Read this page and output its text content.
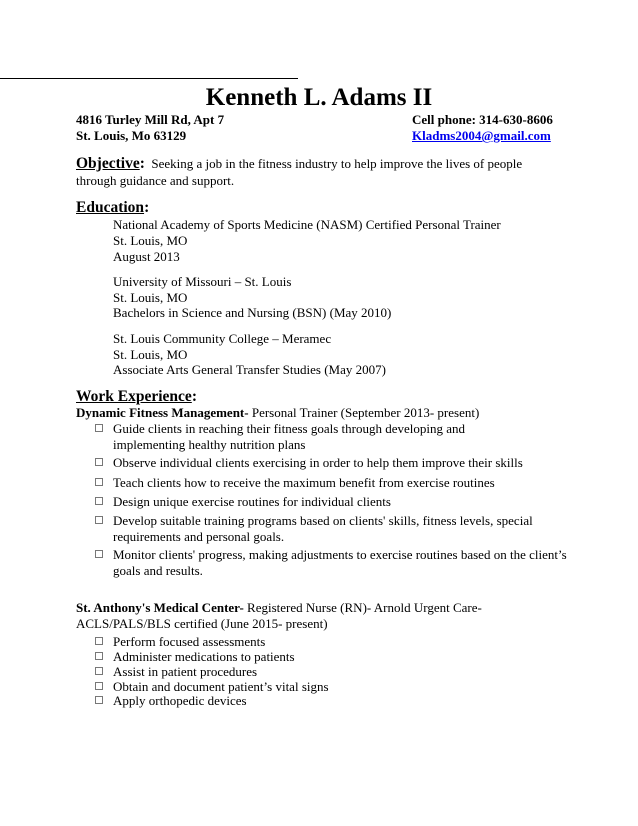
Kenneth L. Adams II
4816 Turley Mill Rd, Apt 7
St. Louis, Mo 63129
Cell phone: 314-630-8606
Kladms2004@gmail.com
Objective: Seeking a job in the fitness industry to help improve the lives of people through guidance and support.
Education:
National Academy of Sports Medicine (NASM) Certified Personal Trainer
St. Louis, MO
August 2013
University of Missouri – St. Louis
St. Louis, MO
Bachelors in Science and Nursing (BSN) (May 2010)
St. Louis Community College – Meramec
St. Louis, MO
Associate Arts General Transfer Studies (May 2007)
Work Experience:
Dynamic Fitness Management- Personal Trainer (September 2013- present)
Guide clients in reaching their fitness goals through developing and implementing healthy nutrition plans
Observe individual clients exercising in order to help them improve their skills
Teach clients how to receive the maximum benefit from exercise routines
Design unique exercise routines for individual clients
Develop suitable training programs based on clients' skills, fitness levels, special requirements and personal goals.
Monitor clients' progress, making adjustments to exercise routines based on the client’s goals and results.
St. Anthony's Medical Center- Registered Nurse (RN)- Arnold Urgent Care- ACLS/PALS/BLS certified (June 2015- present)
Perform focused assessments
Administer medications to patients
Assist in patient procedures
Obtain and document patient’s vital signs
Apply orthopedic devices
